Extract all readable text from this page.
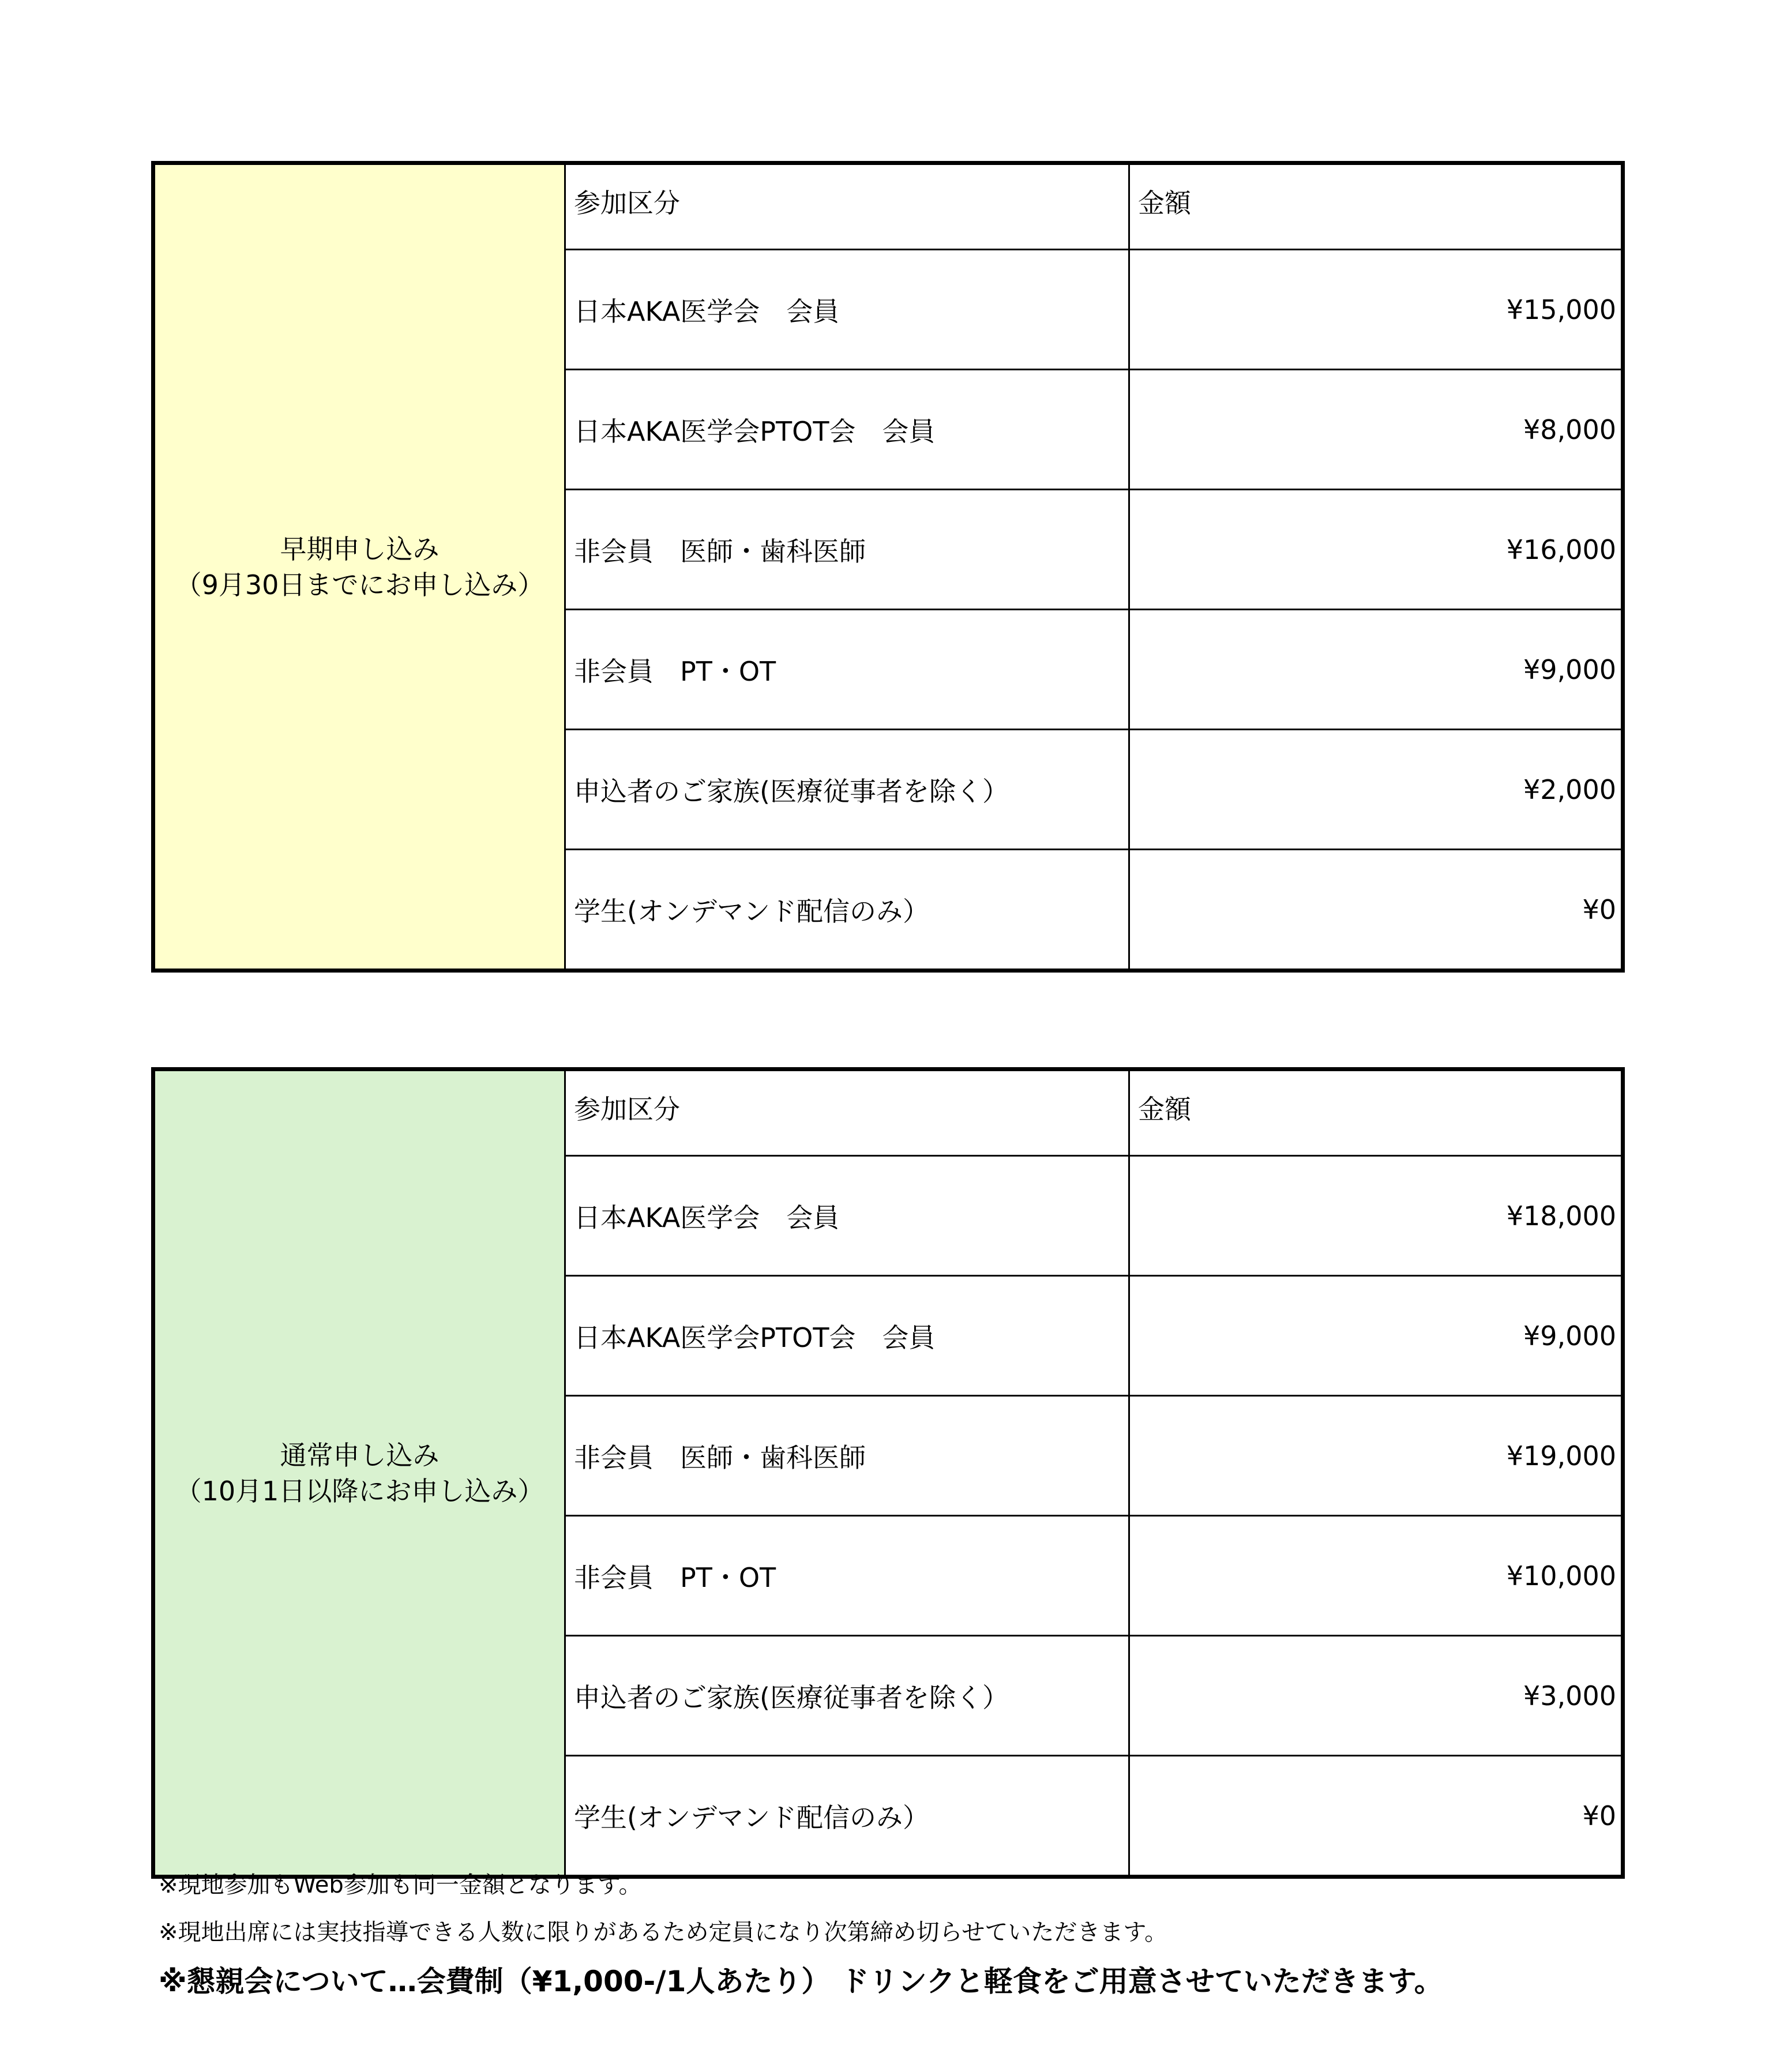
早期申し込み
（9月30日までにお申し込み）	参加区分	金額
	日本AKA医学会　会員	¥15,000
	日本AKA医学会PTOT会　会員	¥8,000
	非会員　医師・歯科医師	¥16,000
	非会員　PT・OT	¥9,000
	申込者のご家族(医療従事者を除く）	¥2,000
	学生(オンデマンド配信のみ）	¥0
通常申し込み
（10月1日以降にお申し込み）	参加区分	金額
	日本AKA医学会　会員	¥18,000
	日本AKA医学会PTOT会　会員	¥9,000
	非会員　医師・歯科医師	¥19,000
	非会員　PT・OT	¥10,000
	申込者のご家族(医療従事者を除く）	¥3,000
	学生(オンデマンド配信のみ）	¥0
※現地参加もWeb参加も同一金額となります。
※現地出席には実技指導できる人数に限りがあるため定員になり次第締め切らせていただきます。
※懇親会について…会費制（¥1,000-/1人あたり） ドリンクと軽食をご用意させていただきます。
